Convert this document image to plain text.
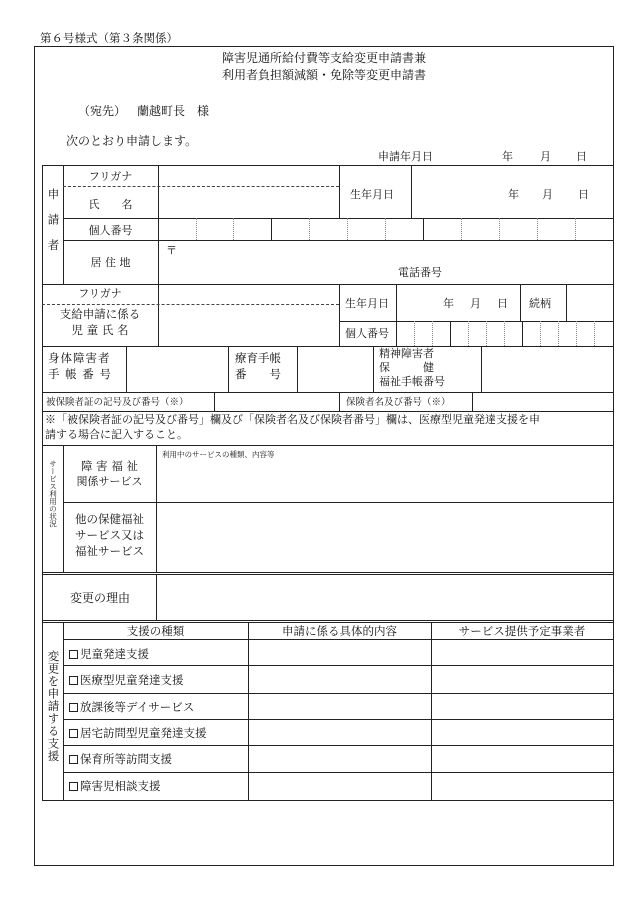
第６号様式（第３条関係）
障害児通所給付費等支給変更申請書兼
利用者負担額減額・免除等変更申請書
（宛先） 蘭越町長　様
次のとおり申請します。
申請年月日	年 月 日
申請者
フリガナ
氏　　名
生年月日	年 月 日
個人番号
居 住 地
〒
電話番号
フリガナ
支給申請に係る
児 童 氏 名
生年月日	年 月 日 続柄
個人番号
身体障害者
手 帳 番 号
療育手帳
番　　号
精神障害者
保　　　健
福祉手帳番号
被保険者証の記号及び番号（※）	保険者名及び番号（※）
※「被保険者証の記号及び番号」欄及び「保険者名及び保険者番号」欄は、医療型児童発達支援を申
請する場合に記入すること。
サービス利用の状況	障 害 福 祉
関係サービス
利用中のサービスの種類、内容等
他の保健福祉
サービス又は
福祉サービス
変更の理由
変更を申請する支援
支援の種類	申請に係る具体的内容	サービス提供予定事業者
児童発達支援
医療型児童発達支援
放課後等デイサービス
居宅訪問型児童発達支援
保育所等訪問支援
障害児相談支援
